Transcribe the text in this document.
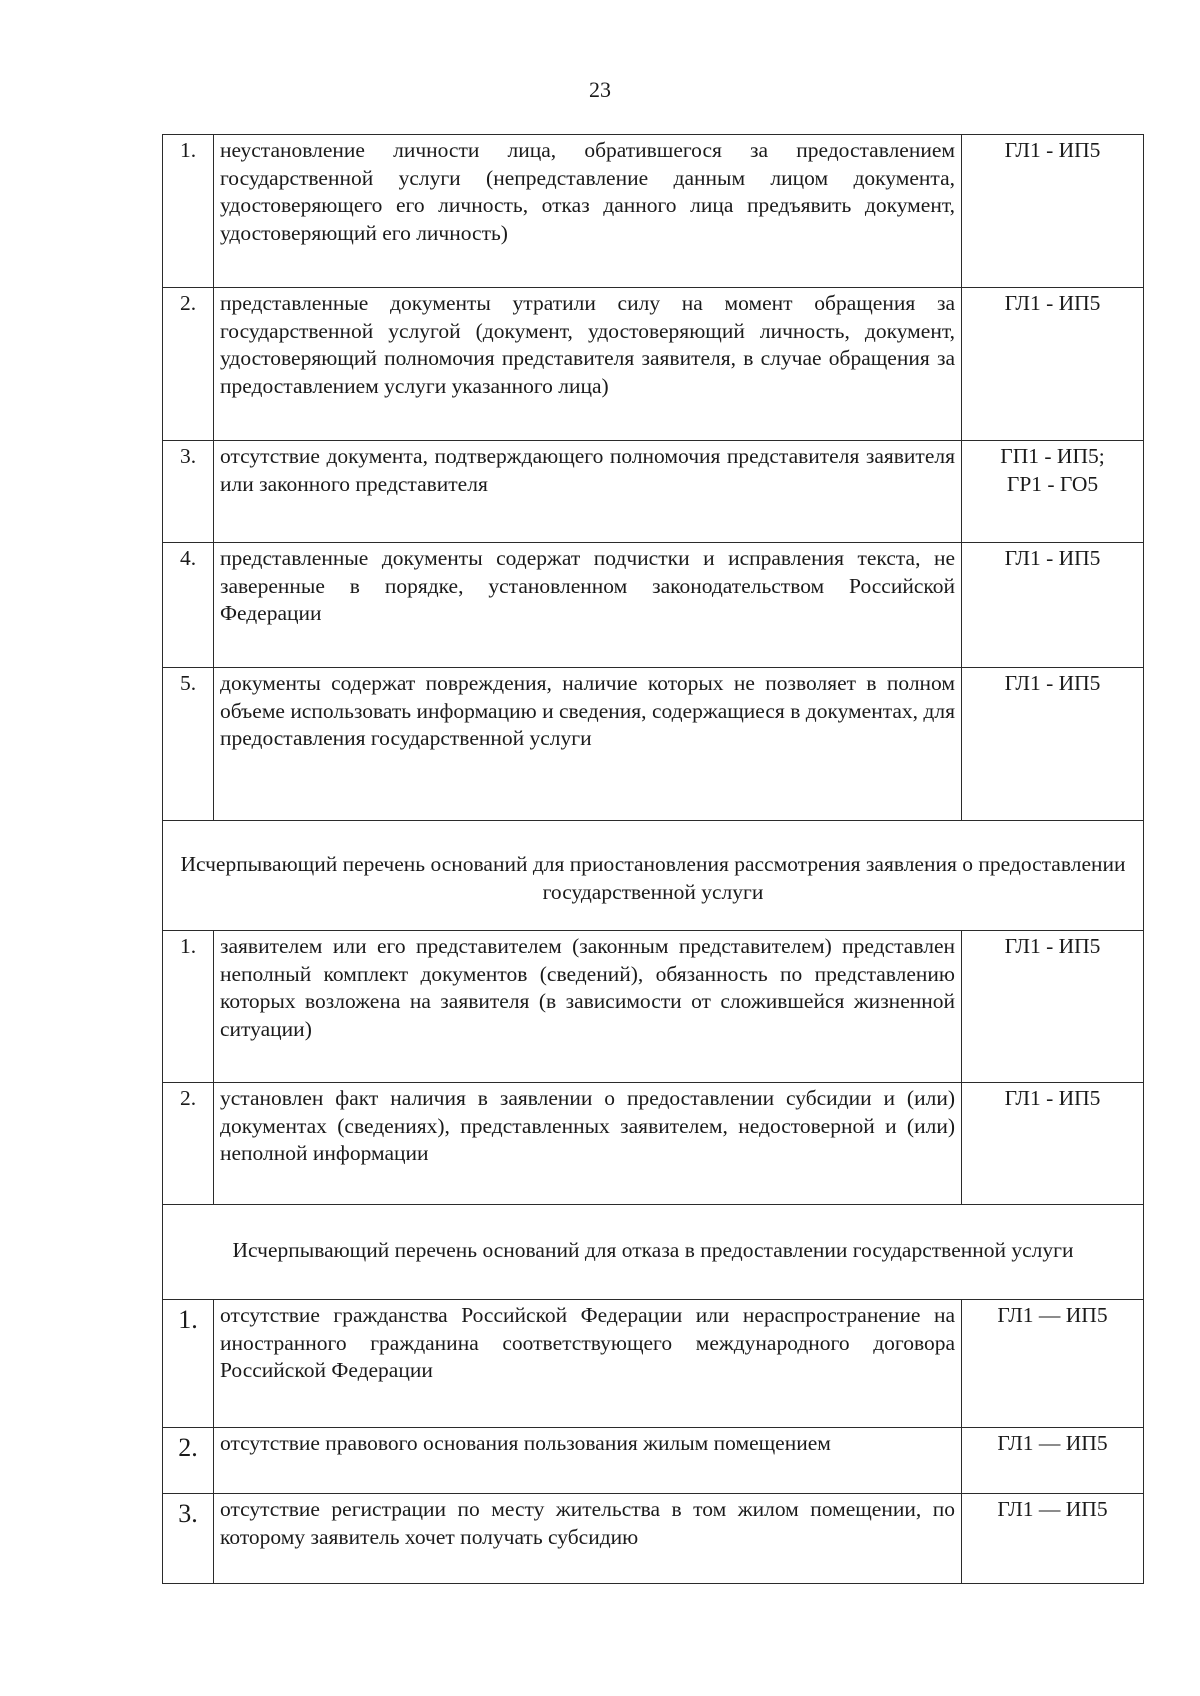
23
1.	неустановление личности лица, обратившегося за предоставлением государственной услуги (непредставление данным лицом документа, удостоверяющего его личность, отказ данного лица предъявить документ, удостоверяющий его личность)	ГЛ1 - ИП5

2.	представленные документы утратили силу на момент обращения за государственной услугой (документ, удостоверяющий личность, документ, удостоверяющий полномочия представителя заявителя, в случае обращения за предоставлением услуги указанного лица)	ГЛ1 - ИП5

3.	отсутствие документа, подтверждающего полномочия представителя заявителя или законного представителя	ГП1 - ИП5;
ГР1 - ГО5

4.	представленные документы содержат подчистки и исправления текста, не заверенные в порядке, установленном законодательством Российской Федерации	ГЛ1 - ИП5

5.	документы содержат повреждения, наличие которых не позволяет в полном объеме использовать информацию и сведения, содержащиеся в документах, для предоставления государственной услуги	ГЛ1 - ИП5

Исчерпывающий перечень оснований для приостановления рассмотрения заявления о предоставлении государственной услуги		
1.	заявителем или его представителем (законным представителем) представлен неполный комплект документов (сведений), обязанность по представлению которых возложена на заявителя (в зависимости от сложившейся жизненной ситуации)	ГЛ1 - ИП5

2.	установлен факт наличия в заявлении о предоставлении субсидии и (или) документах (сведениях), представленных заявителем, недостоверной и (или) неполной информации	ГЛ1 - ИП5

Исчерпывающий перечень оснований для отказа в предоставлении государственной услуги		
1.	отсутствие гражданства Российской Федерации или нераспространение на иностранного гражданина соответствующего международного договора Российской Федерации	ГЛ1 — ИП5

2.	отсутствие правового основания пользования жилым помещением	ГЛ1 — ИП5

3.	отсутствие регистрации по месту жительства в том жилом помещении, по которому заявитель хочет получать субсидию	ГЛ1 — ИП5
